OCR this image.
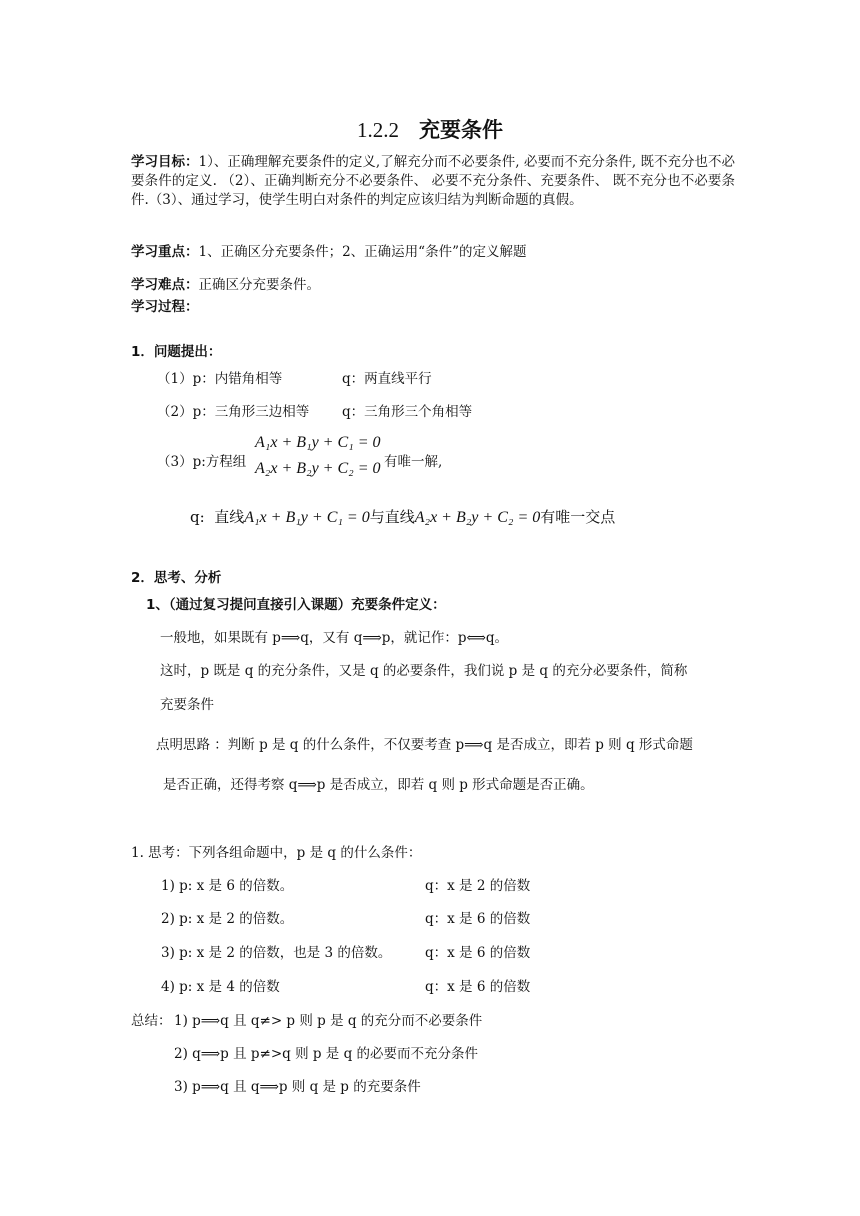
1.2.2 充要条件
学习目标：1）、正确理解充要条件的定义,了解充分而不必要条件, 必要而不充分条件, 既不充分也不必要条件的定义. （2）、正确判断充分不必要条件、 必要不充分条件、充要条件、 既不充分也不必要条件.（3）、通过学习，使学生明白对条件的判定应该归结为判断命题的真假。
学习重点：1、正确区分充要条件；2、正确运用“条件”的定义解题
学习难点：正确区分充要条件。
学习过程：
1．问题提出：
（1）p：内错角相等	q：两直线平行
（2）p：三角形三边相等 q：三角形三个角相等
（3）p:方程组
A₁x + B₁y + C₁ = 0
A₂x + B₂y + C₂ = 0 有唯一解,
q: 直线A₁x + B₁y + C₁ = 0与直线A₂x + B₂y + C₂ = 0有唯一交点
2．思考、分析
1、（通过复习提问直接引入课题）充要条件定义：
一般地，如果既有 p⟹q，又有 q⟹p，就记作：p⟺q。
这时，p 既是 q 的充分条件，又是 q 的必要条件，我们说 p 是 q 的充分必要条件，简称
充要条件
点明思路 ：判断 p 是 q 的什么条件，不仅要考查 p⟹q 是否成立，即若 p 则 q 形式命题
是否正确，还得考察 q⟹p 是否成立，即若 q 则 p 形式命题是否正确。
1. 思考：下列各组命题中，p 是 q 的什么条件：
1) p: x 是 6 的倍数。	q：x 是 2 的倍数
2) p: x 是 2 的倍数。	q：x 是 6 的倍数
3) p: x 是 2 的倍数，也是 3 的倍数。 q：x 是 6 的倍数
4) p: x 是 4 的倍数	q：x 是 6 的倍数
总结： 1) p⟹q 且 q≠> p 则 p 是 q 的充分而不必要条件
2) q⟹p 且 p≠>q 则 p 是 q 的必要而不充分条件
3) p⟹q 且 q⟹p 则 q 是 p 的充要条件
